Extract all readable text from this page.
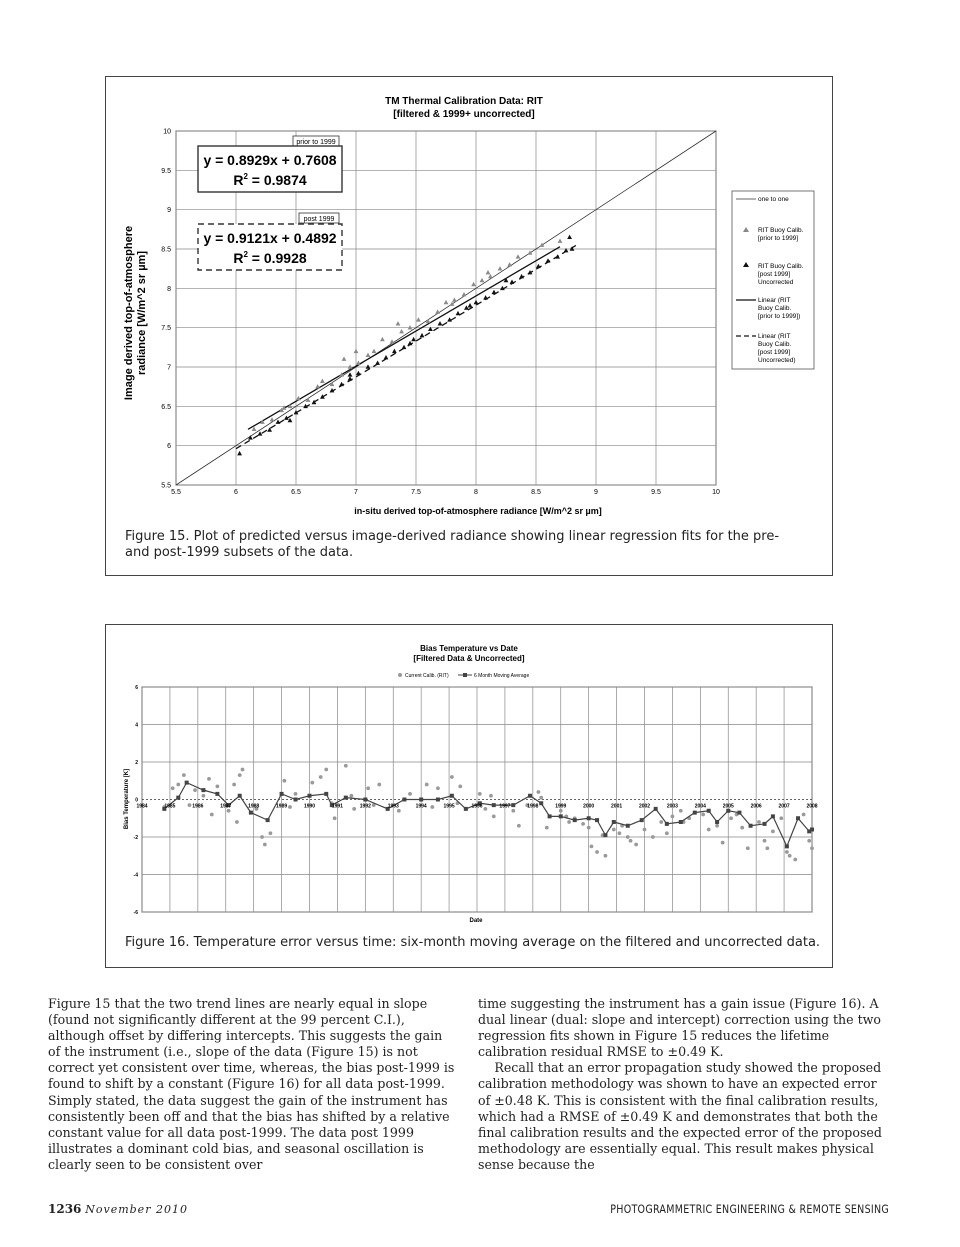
TM Thermal Calibration Data: RIT
[filtered & 1999+ uncorrected]
5.5	6	6.5	7	7.5	8	8.5	9	9.5	10
5.5
6
6.5
7
7.5
8
8.5
9
9.5
10
in-situ derived top-of-atmosphere radiance [W/m^2 sr µm]
Image derived top-of-atmosphere radiance [W/m^2 sr µm]
prior to 1999
y = 0.8929x + 0.7608
$R^2 = 0.9874$
post 1999
y = 0.9121x + 0.4892
$R^2 = 0.9928$
one to one
RIT Buoy Calib.
[prior to 1999]
RIT Buoy Calib.
[post 1999]
Uncorrected
Linear (RIT
Buoy Calib.
[prior to 1999])
Linear (RIT
Buoy Calib.
[post 1999]
Uncorrected)
Figure 15. Plot of predicted versus image-derived radiance showing linear regression fits for the pre- and post-1999 subsets of the data.
Bias Temperature vs Date
[Filtered Data & Uncorrected]
Current Calib. (RIT)	6 Month Moving Average
1984	1985	1986	1987	1988	1989	1990	1991	1992	1993	1994	1995	1996	1997	1998	1999	2000	2001	2002	2003	2004	2005	2006	2007	2008
-6
-4
-2
0
2
4
6
Date
Bias Temperature [K]
Figure 16. Temperature error versus time: six-month moving average on the filtered and uncorrected data.

Figure 15 that the two trend lines are nearly equal in slope (found not significantly different at the 99 percent C.I.), although offset by differing intercepts. This suggests the gain of the instrument (i.e., slope of the data (Figure 15) is not correct yet consistent over time, whereas, the bias post-1999 is found to shift by a constant (Figure 16) for all data post-1999. Simply stated, the data suggest the gain of the instrument has consistently been off and that the bias has shifted by a relative constant value for all data post-1999. The data post 1999 illustrates a dominant cold bias, and seasonal oscillation is clearly seen to be consistent over

time suggesting the instrument has a gain issue (Figure 16). A dual linear (dual: slope and intercept) correction using the two regression fits shown in Figure 15 reduces the lifetime calibration residual RMSE to ±0.49 K.

Recall that an error propagation study showed the proposed calibration methodology was shown to have an expected error of ±0.48 K. This is consistent with the final calibration results, which had a RMSE of ±0.49 K and demonstrates that both the final calibration results and the expected error of the proposed methodology are essentially equal. This result makes physical sense because the

1236 November 2010	PHOTOGRAMMETRIC ENGINEERING & REMOTE SENSING
